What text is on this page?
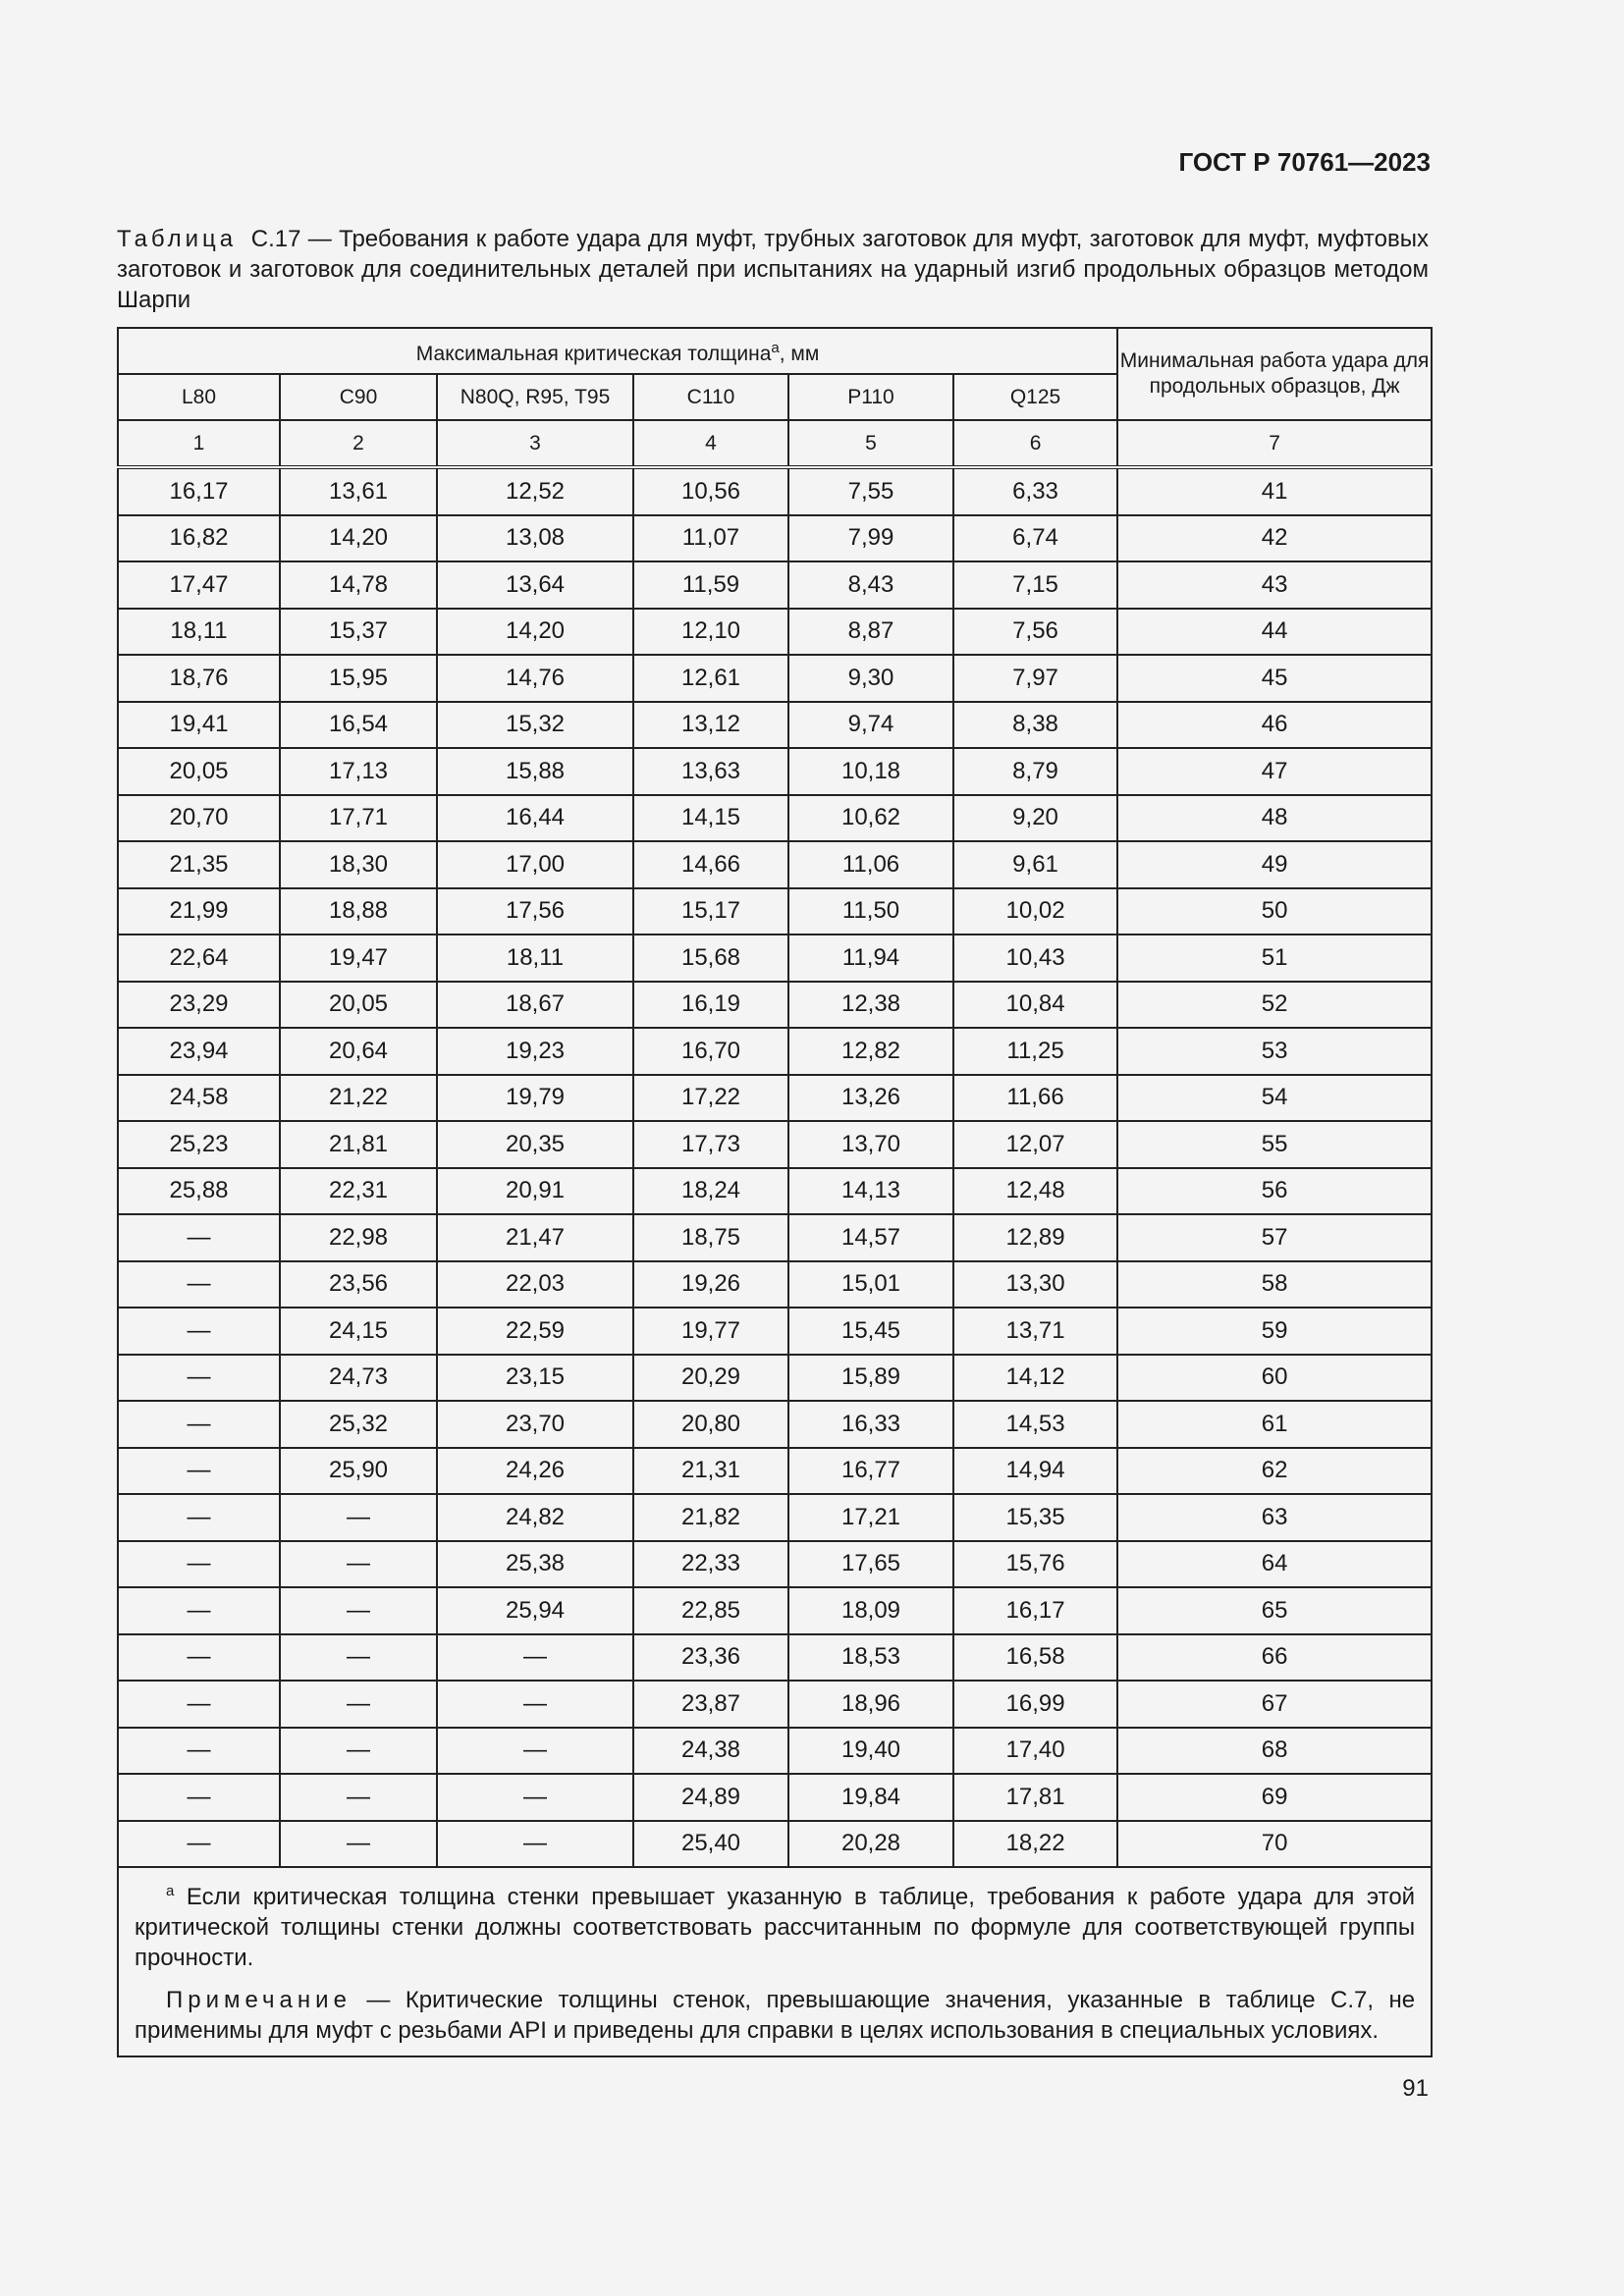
ГОСТ Р 70761—2023
Таблица С.17 — Требования к работе удара для муфт, трубных заготовок для муфт, заготовок для муфт, муфтовых заготовок и заготовок для соединительных деталей при испытаниях на ударный изгиб продольных образцов методом Шарпи
Максимальная критическая толщина$^a$, мм						Минимальная работа удара для продольных образцов, Дж
L80	C90	N80Q, R95, T95	C110	P110	Q125	
1	2	3	4	5	6	7
16,17	13,61	12,52	10,56	7,55	6,33	41
16,82	14,20	13,08	11,07	7,99	6,74	42
17,47	14,78	13,64	11,59	8,43	7,15	43
18,11	15,37	14,20	12,10	8,87	7,56	44
18,76	15,95	14,76	12,61	9,30	7,97	45
19,41	16,54	15,32	13,12	9,74	8,38	46
20,05	17,13	15,88	13,63	10,18	8,79	47
20,70	17,71	16,44	14,15	10,62	9,20	48
21,35	18,30	17,00	14,66	11,06	9,61	49
21,99	18,88	17,56	15,17	11,50	10,02	50
22,64	19,47	18,11	15,68	11,94	10,43	51
23,29	20,05	18,67	16,19	12,38	10,84	52
23,94	20,64	19,23	16,70	12,82	11,25	53
24,58	21,22	19,79	17,22	13,26	11,66	54
25,23	21,81	20,35	17,73	13,70	12,07	55
25,88	22,31	20,91	18,24	14,13	12,48	56
—	22,98	21,47	18,75	14,57	12,89	57
—	23,56	22,03	19,26	15,01	13,30	58
—	24,15	22,59	19,77	15,45	13,71	59
—	24,73	23,15	20,29	15,89	14,12	60
—	25,32	23,70	20,80	16,33	14,53	61
—	25,90	24,26	21,31	16,77	14,94	62
—	—	24,82	21,82	17,21	15,35	63
—	—	25,38	22,33	17,65	15,76	64
—	—	25,94	22,85	18,09	16,17	65
—	—	—	23,36	18,53	16,58	66
—	—	—	23,87	18,96	16,99	67
—	—	—	24,38	19,40	17,40	68
—	—	—	24,89	19,84	17,81	69
—	—	—	25,40	20,28	18,22	70

$^a$ Если критическая толщина стенки превышает указанную в таблице, требования к работе удара для этой критической толщины стенки должны соответствовать рассчитанным по формуле для соответствующей группы прочности.

Примечание — Критические толщины стенок, превышающие значения, указанные в таблице С.7, не применимы для муфт с резьбами API и приведены для справки в целях использования в специальных условиях.						

91
